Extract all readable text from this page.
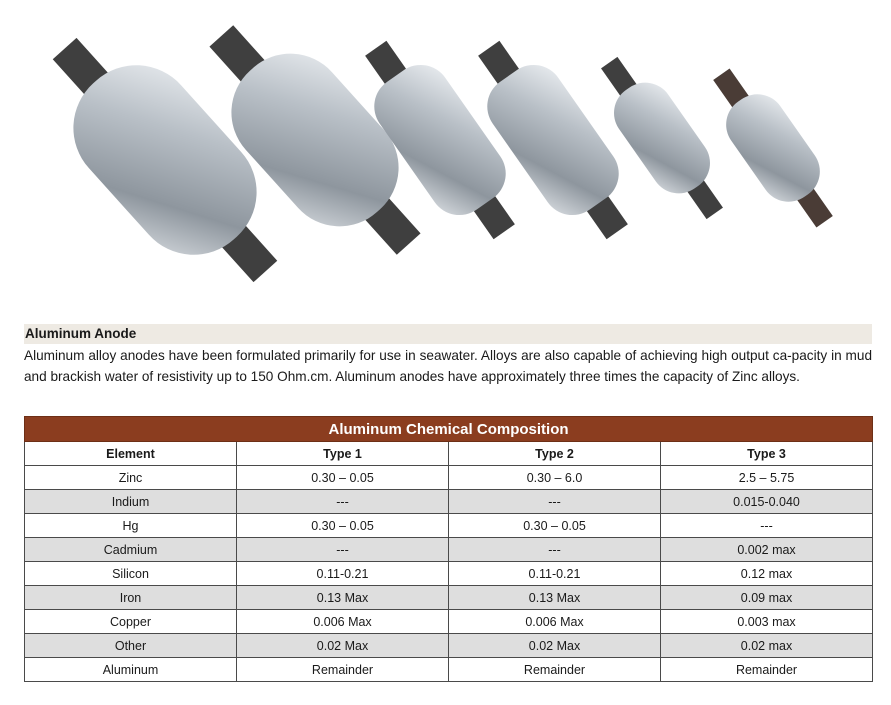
Aluminum Anode

Aluminum alloy anodes have been formulated primarily for use in seawater. Alloys are also capable of achieving high output ca-pacity in mud and brackish water of resistivity up to 150 Ohm.cm. Aluminum anodes have approximately three times the capacity of Zinc alloys.

Aluminum Chemical Composition			
Element	Type 1	Type 2	Type 3
Zinc	0.30 – 0.05	0.30 – 6.0	2.5 – 5.75
Indium	---	---	0.015-0.040
Hg	0.30 – 0.05	0.30 – 0.05	---
Cadmium	---	---	0.002 max
Silicon	0.11-0.21	0.11-0.21	0.12 max
Iron	0.13 Max	0.13 Max	0.09 max
Copper	0.006 Max	0.006 Max	0.003 max
Other	0.02 Max	0.02 Max	0.02 max
Aluminum	Remainder	Remainder	Remainder
